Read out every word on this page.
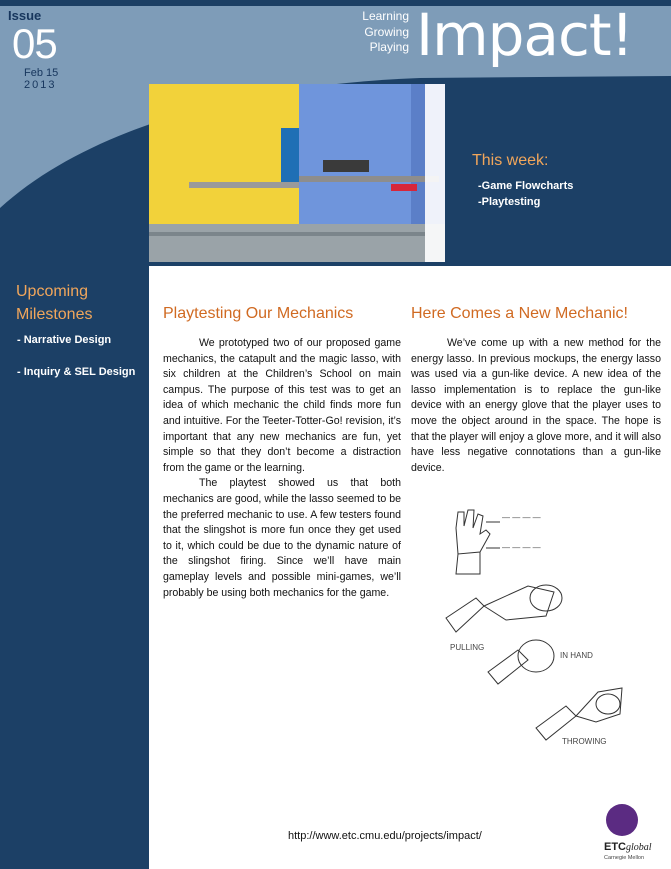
Issue
05
Feb 15
2013
Learning
Growing
Playing Impact!
This week:
-Game Flowcharts
-Playtesting
Upcoming Milestones
- Narrative Design
- Inquiry & SEL Design
Playtesting Our Mechanics

We prototyped two of our proposed game mechanics, the catapult and the magic lasso, with six children at the Children’s School on main campus. The purpose of this test was to get an idea of which mechanic the child finds more fun and intuitive. For the Teeter-Totter-Go! revision, it’s important that any new mechanics are fun, yet simple so that they don’t become a distraction from the game or the learning.

The playtest showed us that both mechanics are good, while the lasso seemed to be the preferred mechanic to use. A few testers found that the slingshot is more fun once they get used to it, which could be due to the dynamic nature of the slingshot firing. Since we’ll have main gameplay levels and possible mini-games, we’ll probably be using both mechanics for the game.

Here Comes a New Mechanic!

We’ve come up with a new method for the energy lasso. In previous mockups, the energy lasso was used via a gun-like device. A new idea of the lasso implementation is to replace the gun-like device with an energy glove that the player uses to move the object around in the space. The hope is that the player will enjoy a glove more, and it will also have less negative connotations than a gun-like device.

— — — —
— — — —
PULLING
IN HAND
THROWING
http://www.etc.cmu.edu/projects/impact/
ETC global
Carnegie Mellon
